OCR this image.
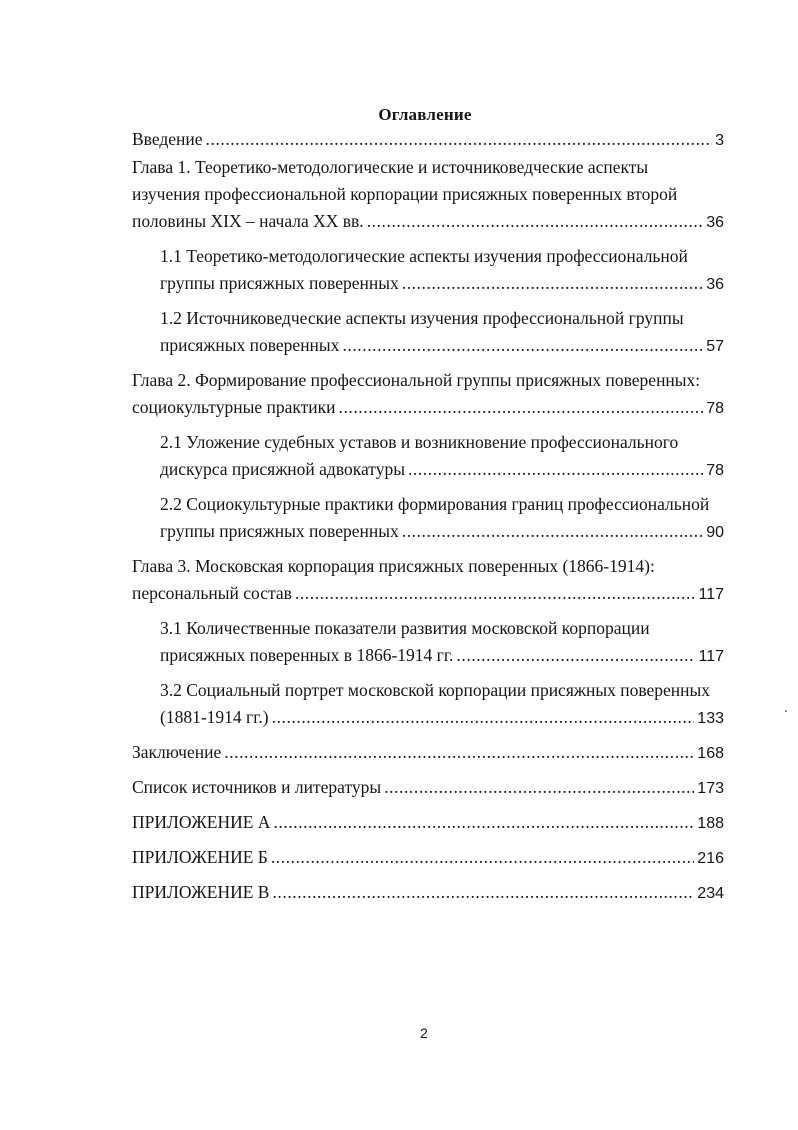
Оглавление
Введение . . .	3
Глава 1. Теоретико-методологические и источниковедческие аспекты
изучения профессиональной корпорации присяжных поверенных второй
половины XIX – начала XX вв. . . .	36
1.1 Теоретико-методологические аспекты изучения профессиональной
группы присяжных поверенных . . .	36
1.2 Источниковедческие аспекты изучения профессиональной группы
присяжных поверенных . . .	57
Глава 2. Формирование профессиональной группы присяжных поверенных:
социокультурные практики . . .	78
2.1 Уложение судебных уставов и возникновение профессионального
дискурса присяжной адвокатуры . . .	78
2.2 Социокультурные практики формирования границ профессиональной
группы присяжных поверенных . . .	90
Глава 3. Московская корпорация присяжных поверенных (1866-1914):
персональный состав . . .	117
3.1 Количественные показатели развития московской корпорации
присяжных поверенных в 1866-1914 гг. . . .	117
3.2 Социальный портрет московской корпорации присяжных поверенных
(1881-1914 гг.) . . .	133
Заключение . . .	168
Список источников и литературы . . .	173
ПРИЛОЖЕНИЕ А . . .	188
ПРИЛОЖЕНИЕ Б . . .	216
ПРИЛОЖЕНИЕ В . . .	234
2
